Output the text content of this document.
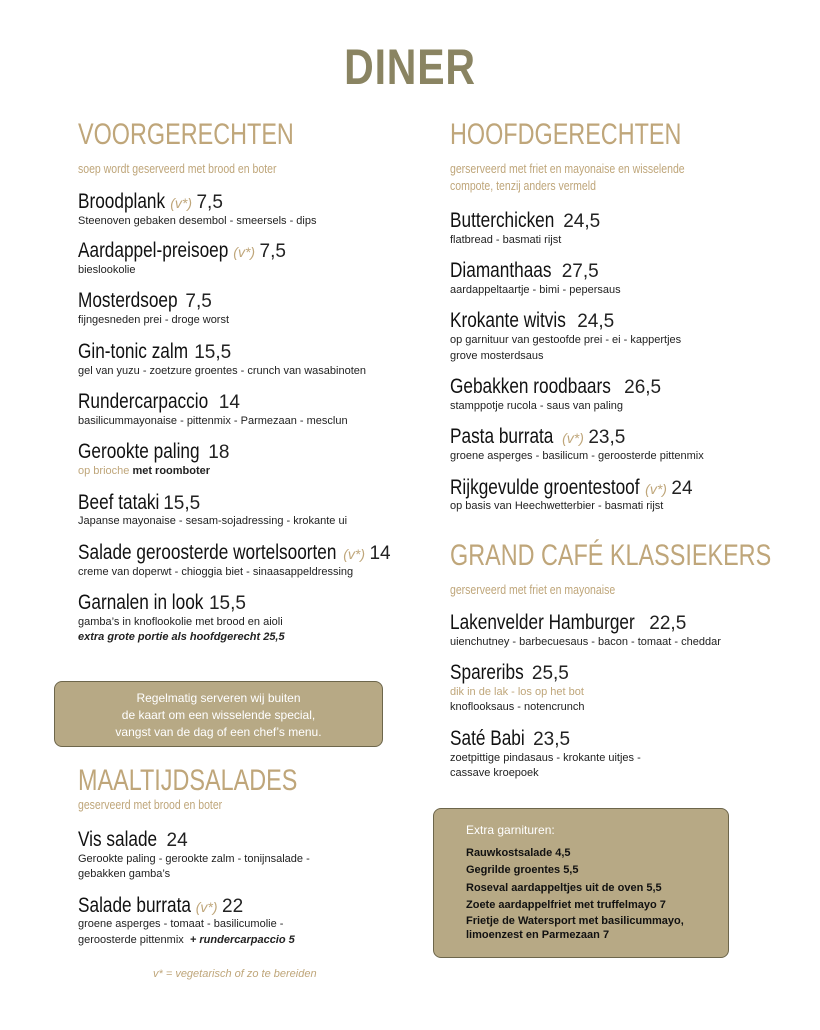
DINER
VOORGERECHTEN
soep wordt geserveerd met brood en boter
Broodplank (v*) 7,5
Steenoven gebaken desembol - smeersels - dips
Aardappel-preisoep (v*) 7,5
bieslookolie
Mosterdsoep 7,5
fijngesneden prei - droge worst
Gin-tonic zalm 15,5
gel van yuzu - zoetzure groentes - crunch van wasabinoten
Rundercarpaccio 14
basilicummayonaise - pittenmix - Parmezaan - mesclun
Gerookte paling 18
op brioche met roomboter
Beef tataki 15,5
Japanse mayonaise - sesam-sojadressing - krokante ui
Salade geroosterde wortelsoorten (v*) 14
creme van doperwt - chioggia biet - sinaasappeldressing
Garnalen in look 15,5
gamba’s in knoflookolie met brood en aioli
extra grote portie als hoofdgerecht 25,5
Regelmatig serveren wij buiten
de kaart om een wisselende special,
vangst van de dag of een chef’s menu.
MAALTIJDSALADES
geserveerd met brood en boter
Vis salade 24
Gerookte paling - gerookte zalm - tonijnsalade -
gebakken gamba’s
Salade burrata (v*) 22
groene asperges - tomaat - basilicumolie -
geroosterde pittenmix + rundercarpaccio 5
v* = vegetarisch of zo te bereiden
HOOFDGERECHTEN
gerserveerd met friet en mayonaise en wisselende
compote, tenzij anders vermeld
Butterchicken 24,5
flatbread - basmati rijst
Diamanthaas 27,5
aardappeltaartje - bimi - pepersaus
Krokante witvis 24,5
op garnituur van gestoofde prei - ei - kappertjes
grove mosterdsaus
Gebakken roodbaars 26,5
stamppotje rucola - saus van paling
Pasta burrata (v*) 23,5
groene asperges - basilicum - geroosterde pittenmix
Rijkgevulde groentestoof (v*) 24
op basis van Heechwetterbier - basmati rijst
GRAND CAFÉ KLASSIEKERS
gerserveerd met friet en mayonaise
Lakenvelder Hamburger 22,5
uienchutney - barbecuesaus - bacon - tomaat - cheddar
Spareribs 25,5
dik in de lak - los op het bot
knoflooksaus - notencrunch
Saté Babi 23,5
zoetpittige pindasaus - krokante uitjes -
cassave kroepoek
Extra garnituren:
Rauwkostsalade 4,5
Gegrilde groentes 5,5
Roseval aardappeltjes uit de oven 5,5
Zoete aardappelfriet met truffelmayo 7
Frietje de Watersport met basilicummayo,
limoenzest en Parmezaan 7
